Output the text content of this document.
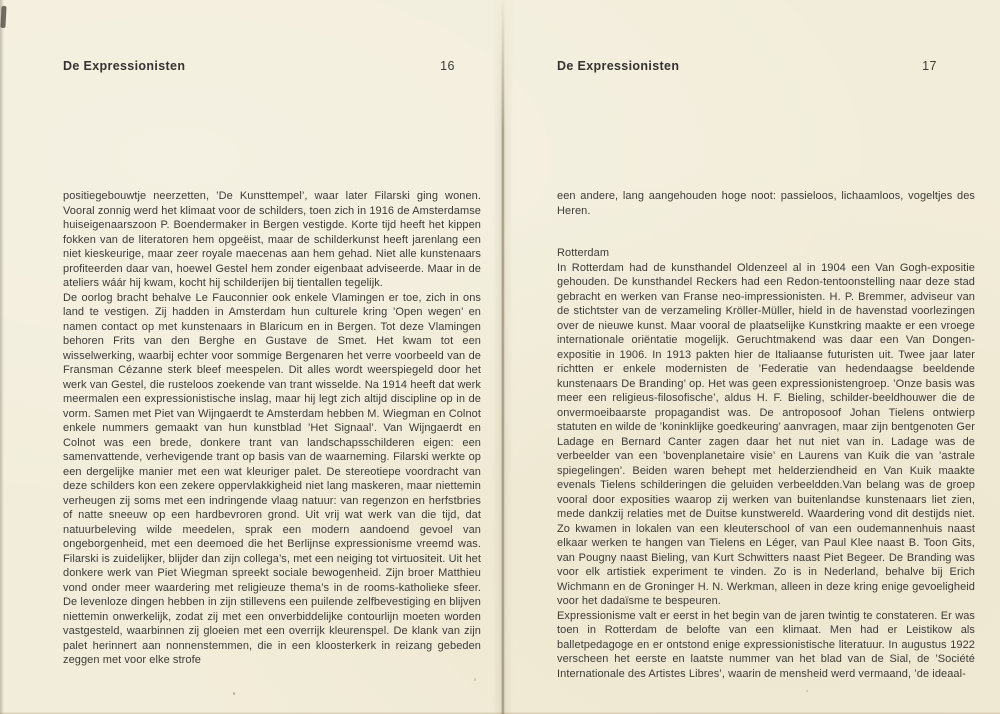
De Expressionisten	16

positiegebouwtje neerzetten, ’De Kunsttempel’, waar later Filarski ging wonen. Vooral zonnig werd het klimaat voor de schilders, toen zich in 1916 de Amsterdamse huiseigenaarszoon P. Boendermaker in Bergen vestigde. Korte tijd heeft het kippen fokken van de literatoren hem opgeëist, maar de schilderkunst heeft jarenlang een niet kieskeurige, maar zeer royale maecenas aan hem gehad. Niet alle kunstenaars profiteerden daar van, hoewel Gestel hem zonder eigenbaat adviseerde. Maar in de ateliers wáár hij kwam, kocht hij schilderijen bij tientallen tegelijk.

De oorlog bracht behalve Le Fauconnier ook enkele Vlamingen er toe, zich in ons land te vestigen. Zij hadden in Amsterdam hun culturele kring ’Open wegen’ en namen contact op met kunstenaars in Blaricum en in Bergen. Tot deze Vlamingen behoren Frits van den Berghe en Gustave de Smet. Het kwam tot een wisselwerking, waarbij echter voor sommige Bergenaren het verre voorbeeld van de Fransman Cézanne sterk bleef meespelen. Dit alles wordt weerspiegeld door het werk van Gestel, die rusteloos zoekende van trant wisselde. Na 1914 heeft dat werk meermalen een expressionistische inslag, maar hij legt zich altijd discipline op in de vorm. Samen met Piet van Wijngaerdt te Amsterdam hebben M. Wiegman en Colnot enkele nummers gemaakt van hun kunstblad ’Het Signaal’. Van Wijngaerdt en Colnot was een brede, donkere trant van landschapsschilderen eigen: een samenvattende, verhevigende trant op basis van de waarneming. Filarski werkte op een dergelijke manier met een wat kleuriger palet. De stereotiepe voordracht van deze schilders kon een zekere oppervlakkigheid niet lang maskeren, maar niettemin verheugen zij soms met een indringende vlaag natuur: van regenzon en herfstbries of natte sneeuw op een hardbevroren grond. Uit vrij wat werk van die tijd, dat natuurbeleving wilde meedelen, sprak een modern aandoend gevoel van ongeborgenheid, met een deemoed die het Berlijnse expressionisme vreemd was. Filarski is zuidelijker, blijder dan zijn collega’s, met een neiging tot virtuositeit. Uit het donkere werk van Piet Wiegman spreekt sociale bewogenheid. Zijn broer Matthieu vond onder meer waardering met religieuze thema’s in de rooms-katholieke sfeer. De levenloze dingen hebben in zijn stillevens een puilende zelfbevestiging en blijven niettemin onwerkelijk, zodat zij met een onverbiddelijke contourlijn moeten worden vastgesteld, waarbinnen zij gloeien met een overrijk kleurenspel. De klank van zijn palet herinnert aan nonnenstemmen, die in een kloosterkerk in reizang gebeden zeggen met voor elke strofe

De Expressionisten	17

een andere, lang aangehouden hoge noot: passieloos, lichaamloos, vogeltjes des Heren.

Rotterdam

In Rotterdam had de kunsthandel Oldenzeel al in 1904 een Van Gogh-expositie gehouden. De kunsthandel Reckers had een Redon-tentoonstelling naar deze stad gebracht en werken van Franse neo-impressionisten. H. P. Bremmer, adviseur van de stichtster van de verzameling Kröller-Müller, hield in de havenstad voorlezingen over de nieuwe kunst. Maar vooral de plaatselijke Kunstkring maakte er een vroege internationale oriëntatie mogelijk. Geruchtmakend was daar een Van Dongen-expositie in 1906. In 1913 pakten hier de Italiaanse futuristen uit. Twee jaar later richtten er enkele modernisten de ’Federatie van hedendaagse beeldende kunstenaars De Branding’ op. Het was geen expressionistengroep. ’Onze basis was meer een religieus-filosofische’, aldus H. F. Bieling, schilder-beeldhouwer die de onvermoeibaarste propagandist was. De antroposoof Johan Tielens ontwierp statuten en wilde de ’koninklijke goedkeuring’ aanvragen, maar zijn bentgenoten Ger Ladage en Bernard Canter zagen daar het nut niet van in. Ladage was de verbeelder van een ’bovenplanetaire visie’ en Laurens van Kuik die van ’astrale spiegelingen’. Beiden waren behept met helderziendheid en Van Kuik maakte evenals Tielens schilderingen die geluiden verbeeldden.Van belang was de groep vooral door exposities waarop zij werken van buitenlandse kunstenaars liet zien, mede dankzij relaties met de Duitse kunstwereld. Waardering vond dit destijds niet. Zo kwamen in lokalen van een kleuterschool of van een oudemannenhuis naast elkaar werken te hangen van Tielens en Léger, van Paul Klee naast B. Toon Gits, van Pougny naast Bieling, van Kurt Schwitters naast Piet Begeer. De Branding was voor elk artistiek experiment te vinden. Zo is in Nederland, behalve bij Erich Wichmann en de Groninger H. N. Werkman, alleen in deze kring enige gevoeligheid voor het dadaïsme te bespeuren.

Expressionisme valt er eerst in het begin van de jaren twintig te constateren. Er was toen in Rotterdam de belofte van een klimaat. Men had er Leistikow als balletpedagoge en er ontstond enige expressionistische literatuur. In augustus 1922 verscheen het eerste en laatste nummer van het blad van de Sial, de ’Société Internationale des Artistes Libres’, waarin de mensheid werd vermaand, ’de ideaal-
